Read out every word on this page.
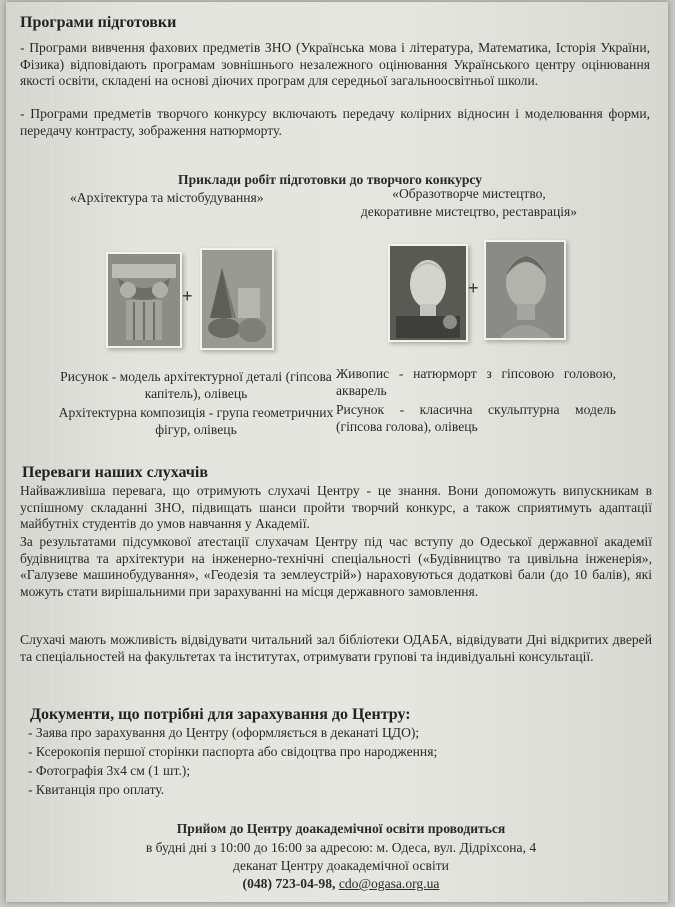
Програми підготовки
- Програми вивчення фахових предметів ЗНО (Українська мова і література, Математика, Історія України, Фізика) відповідають програмам зовнішнього незалежного оцінювання Українського центру оцінювання якості освіти, складені на основі діючих програм для середньої загальноосвітньої школи.
- Програми предметів творчого конкурсу включають передачу колірних відносин і моделювання форми, передачу контрасту, зображення натюрморту.
Приклади робіт підготовки до творчого конкурсу
«Архітектура та містобудування»	«Образотворче мистецтво,
декоративне мистецтво, реставрація»
+	+
Рисунок - модель архітектурної деталі (гіпсова капітель), олівець
Архітектурна композиція - група геометричних фігур, олівець
Живопис - натюрморт з гіпсовою головою, акварель
Рисунок - класична скульптурна модель (гіпсова голова), олівець
Переваги наших слухачів
Найважливіша перевага, що отримують слухачі Центру - це знання. Вони допоможуть випускникам в успішному складанні ЗНО, підвищать шанси пройти творчий конкурс, а також сприятимуть адаптації майбутніх студентів до умов навчання у Академії.
За результатами підсумкової атестації слухачам Центру під час вступу до Одеської державної академії будівництва та архітектури на інженерно-технічні спеціальності («Будівництво та цивільна інженерія», «Галузеве машинобудування», «Геодезія та землеустрій») нараховуються додаткові бали (до 10 балів), які можуть стати вирішальними при зарахуванні на місця державного замовлення.
Слухачі мають можливість відвідувати читальний зал бібліотеки ОДАБА, відвідувати Дні відкритих дверей та спеціальностей на факультетах та інститутах, отримувати групові та індивідуальні консультації.
Документи, що потрібні для зарахування до Центру:
- Заява про зарахування до Центру (оформляється в деканаті ЦДО);
- Ксерокопія першої сторінки паспорта або свідоцтва про народження;
- Фотографія 3х4 см (1 шт.);
- Квитанція про оплату.
Прийом до Центру доакадемічної освіти проводиться
в будні дні з 10:00 до 16:00 за адресою: м. Одеса, вул. Дідріхсона, 4
деканат Центру доакадемічної освіти
(048) 723-04-98, cdo@ogasa.org.ua
